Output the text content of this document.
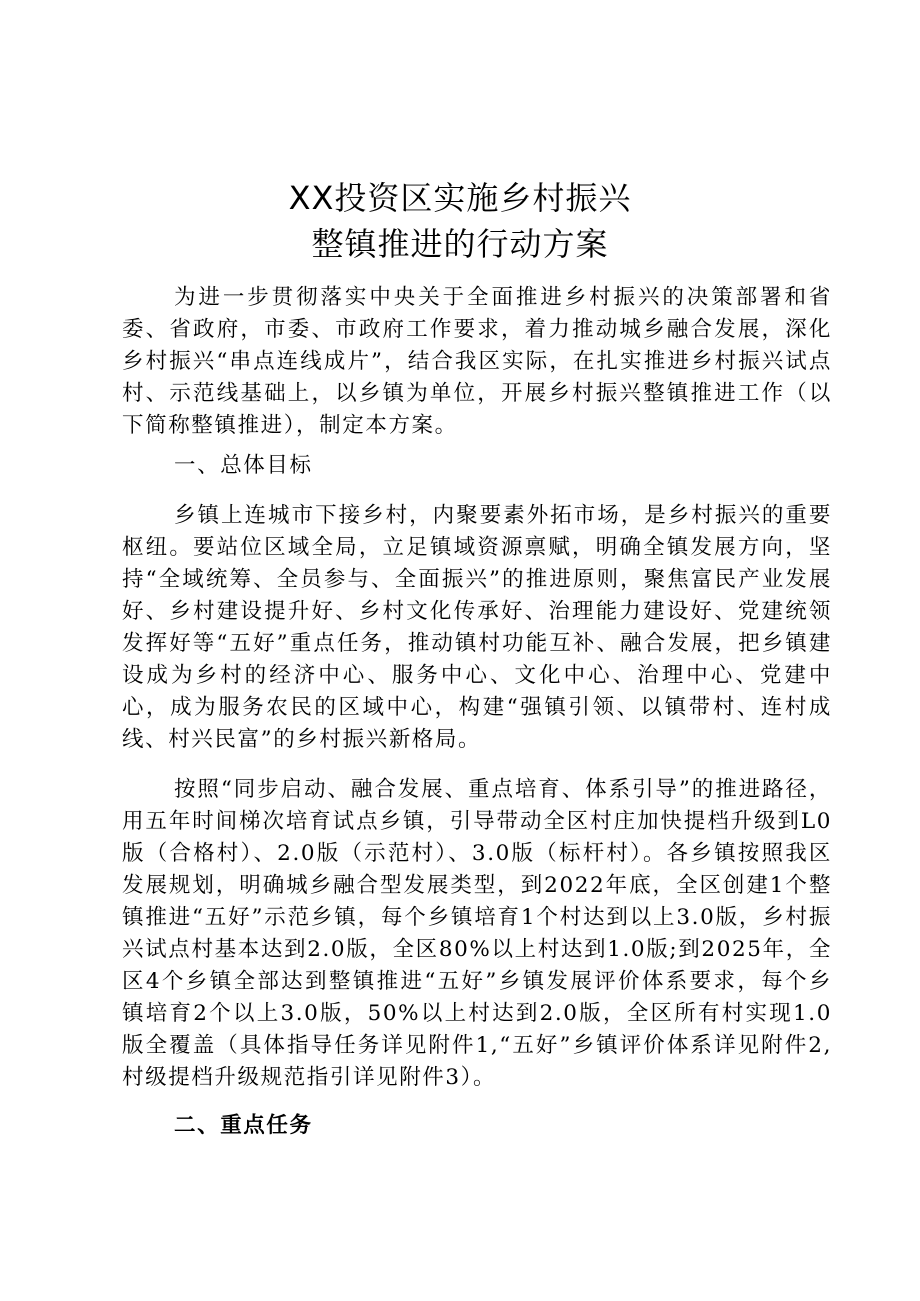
XX投资区实施乡村振兴
整镇推进的行动方案

为进一步贯彻落实中央关于全面推进乡村振兴的决策部署和省委、省政府，市委、市政府工作要求，着力推动城乡融合发展，深化乡村振兴“串点连线成片”，结合我区实际，在扎实推进乡村振兴试点村、示范线基础上，以乡镇为单位，开展乡村振兴整镇推进工作（以下简称整镇推进），制定本方案。

一、总体目标

乡镇上连城市下接乡村，内聚要素外拓市场，是乡村振兴的重要枢纽。要站位区域全局，立足镇域资源禀赋，明确全镇发展方向，坚持“全域统筹、全员参与、全面振兴”的推进原则，聚焦富民产业发展好、乡村建设提升好、乡村文化传承好、治理能力建设好、党建统领发挥好等“五好”重点任务，推动镇村功能互补、融合发展，把乡镇建设成为乡村的经济中心、服务中心、文化中心、治理中心、党建中心，成为服务农民的区域中心，构建“强镇引领、以镇带村、连村成线、村兴民富”的乡村振兴新格局。

按照“同步启动、融合发展、重点培育、体系引导”的推进路径，用五年时间梯次培育试点乡镇，引导带动全区村庄加快提档升级到L0版（合格村）、2.0版（示范村）、3.0版（标杆村）。各乡镇按照我区发展规划，明确城乡融合型发展类型，到2022年底，全区创建1个整镇推进“五好”示范乡镇，每个乡镇培育1个村达到以上3.0版，乡村振兴试点村基本达到2.0版，全区80%以上村达到1.0版;到2025年，全区4个乡镇全部达到整镇推进“五好”乡镇发展评价体系要求，每个乡镇培育2个以上3.0版，50%以上村达到2.0版，全区所有村实现1.0版全覆盖（具体指导任务详见附件1,“五好”乡镇评价体系详见附件2,村级提档升级规范指引详见附件3）。

二、重点任务
